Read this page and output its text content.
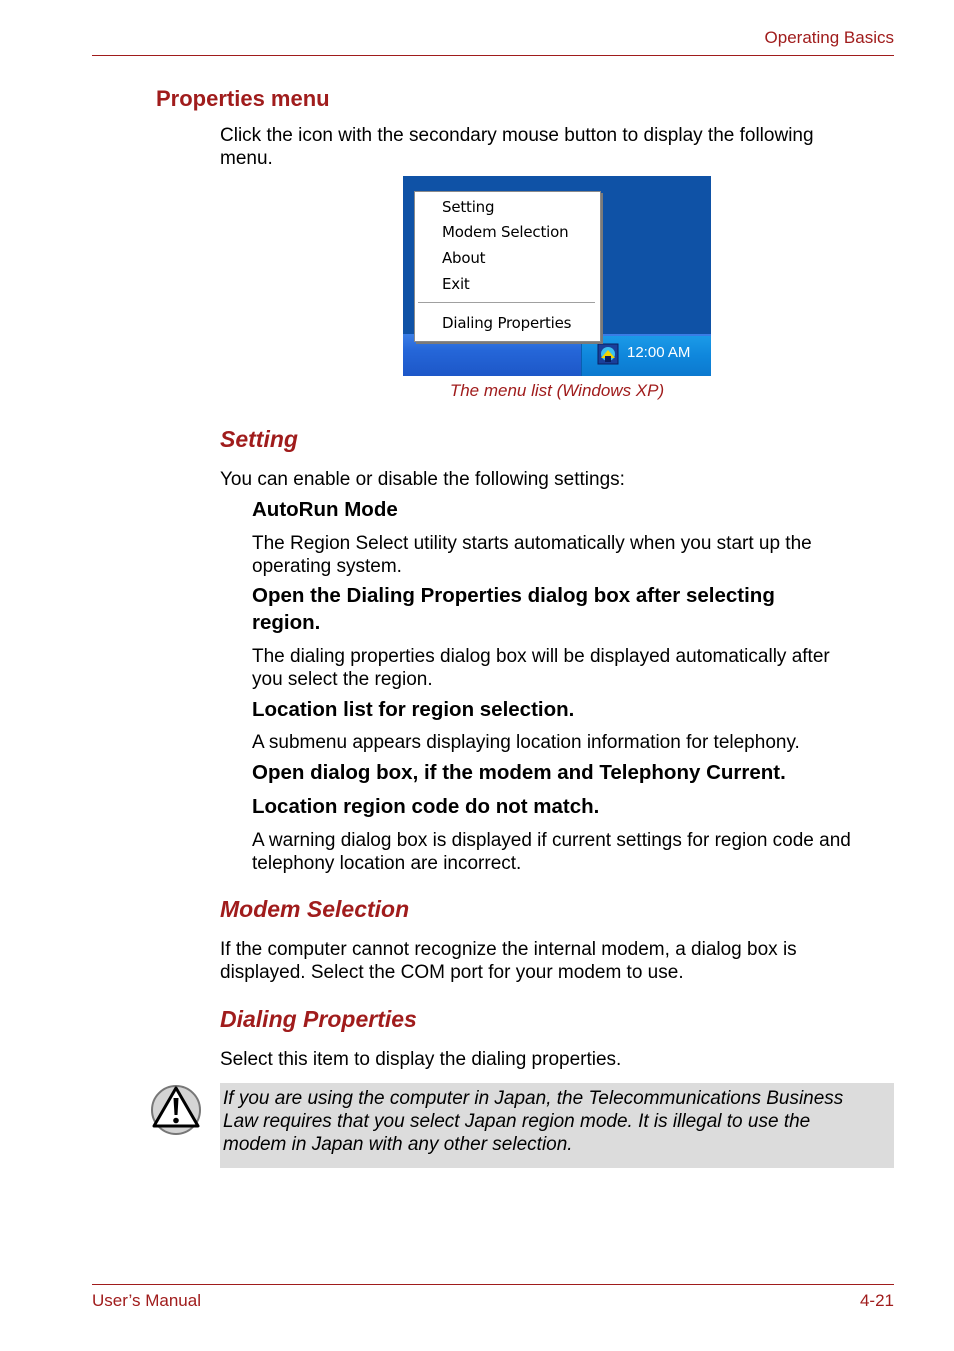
Operating Basics
Properties menu
Click the icon with the secondary mouse button to display the following
menu.
12:00 AM
Setting
Modem Selection
About
Exit
Dialing Properties
The menu list (Windows XP)
Setting
You can enable or disable the following settings:
AutoRun Mode
The Region Select utility starts automatically when you start up the
operating system.
Open the Dialing Properties dialog box after selecting
region.
The dialing properties dialog box will be displayed automatically after
you select the region.
Location list for region selection.
A submenu appears displaying location information for telephony.
Open dialog box, if the modem and Telephony Current.
Location region code do not match.
A warning dialog box is displayed if current settings for region code and
telephony location are incorrect.
Modem Selection
If the computer cannot recognize the internal modem, a dialog box is
displayed. Select the COM port for your modem to use.
Dialing Properties
Select this item to display the dialing properties.
If you are using the computer in Japan, the Telecommunications Business
Law requires that you select Japan region mode. It is illegal to use the
modem in Japan with any other selection.
User’s Manual	4-21
